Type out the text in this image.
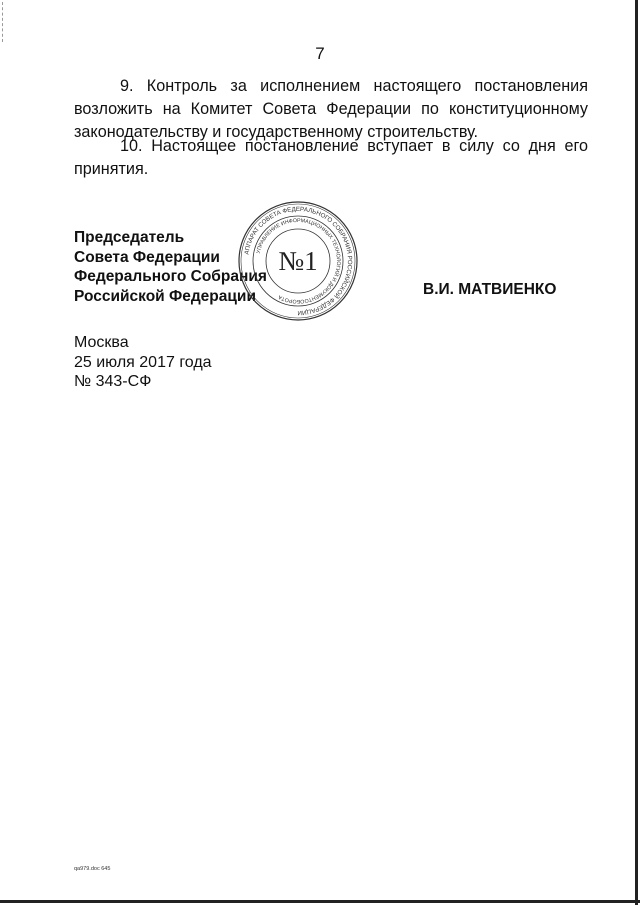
7

9. Контроль за исполнением настоящего постановления возложить на Комитет Совета Федерации по конституционному законодательству и государственному строительству.

10. Настоящее постановление вступает в силу со дня его принятия.

Председатель
Совета Федерации
Федерального Собрания
Российской Федерации
АППАРАТ СОВЕТА ФЕДЕРАЛЬНОГО СОБРАНИЯ РОССИЙСКОЙ ФЕДЕРАЦИИ
УПРАВЛЕНИЕ ИНФОРМАЦИОННЫХ ТЕХНОЛОГИЙ И ДОКУМЕНТООБОРОТА
№1
В.И. МАТВИЕНКО
Москва
25 июля 2017 года
№ 343-СФ
qa979.doc 645
